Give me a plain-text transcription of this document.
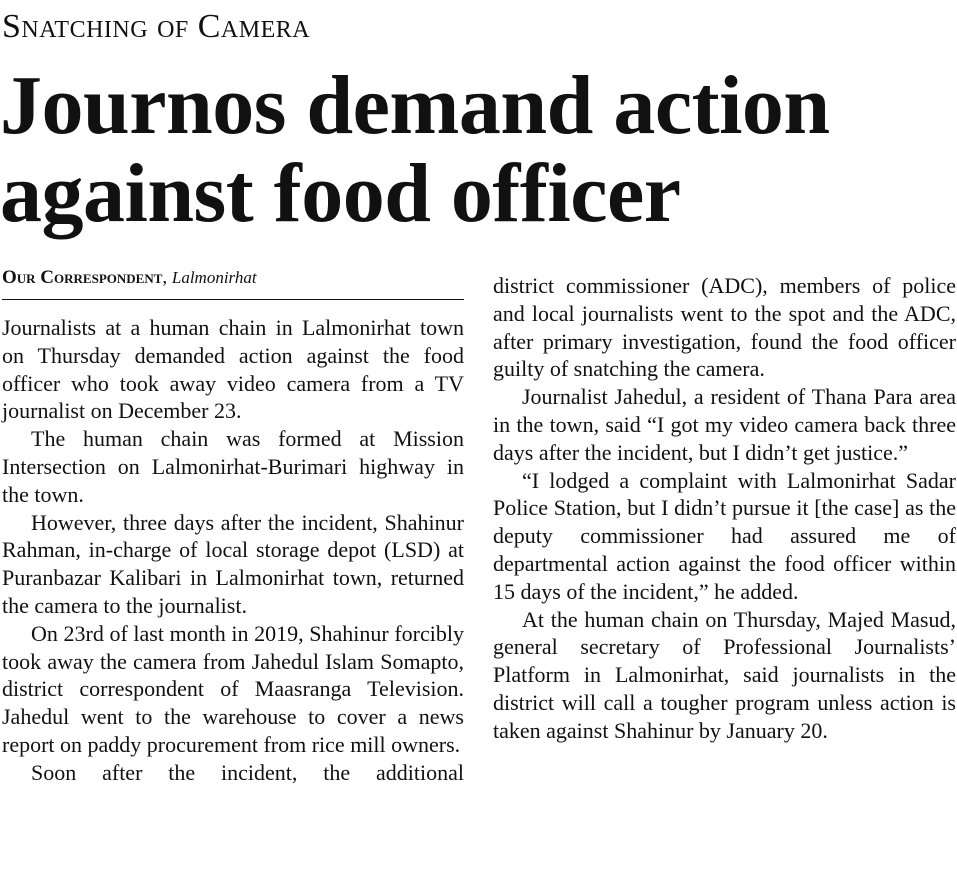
Snatching of Camera
Journos demand action against food officer
Our Correspondent, Lalmonirhat

Journalists at a human chain in Lalmonirhat town on Thursday demanded action against the food officer who took away video camera from a TV journalist on December 23.

The human chain was formed at Mission Intersection on Lalmonirhat-Burimari highway in the town.

However, three days after the incident, Shahinur Rahman, in-charge of local storage depot (LSD) at Puranbazar Kalibari in Lalmonirhat town, returned the camera to the journalist.

On 23rd of last month in 2019, Shahinur forcibly took away the camera from Jahedul Islam Somapto, district correspondent of Maasranga Television. Jahedul went to the warehouse to cover a news report on paddy procurement from rice mill owners.

Soon after the incident, the additional

district commissioner (ADC), members of police and local journalists went to the spot and the ADC, after primary investigation, found the food officer guilty of snatching the camera.

Journalist Jahedul, a resident of Thana Para area in the town, said “I got my video camera back three days after the incident, but I didn’t get justice.”

“I lodged a complaint with Lalmonirhat Sadar Police Station, but I didn’t pursue it [the case] as the deputy commissioner had assured me of departmental action against the food officer within 15 days of the incident,” he added.

At the human chain on Thursday, Majed Masud, general secretary of Professional Journalists’ Platform in Lalmonirhat, said journalists in the district will call a tougher program unless action is taken against Shahinur by January 20.
